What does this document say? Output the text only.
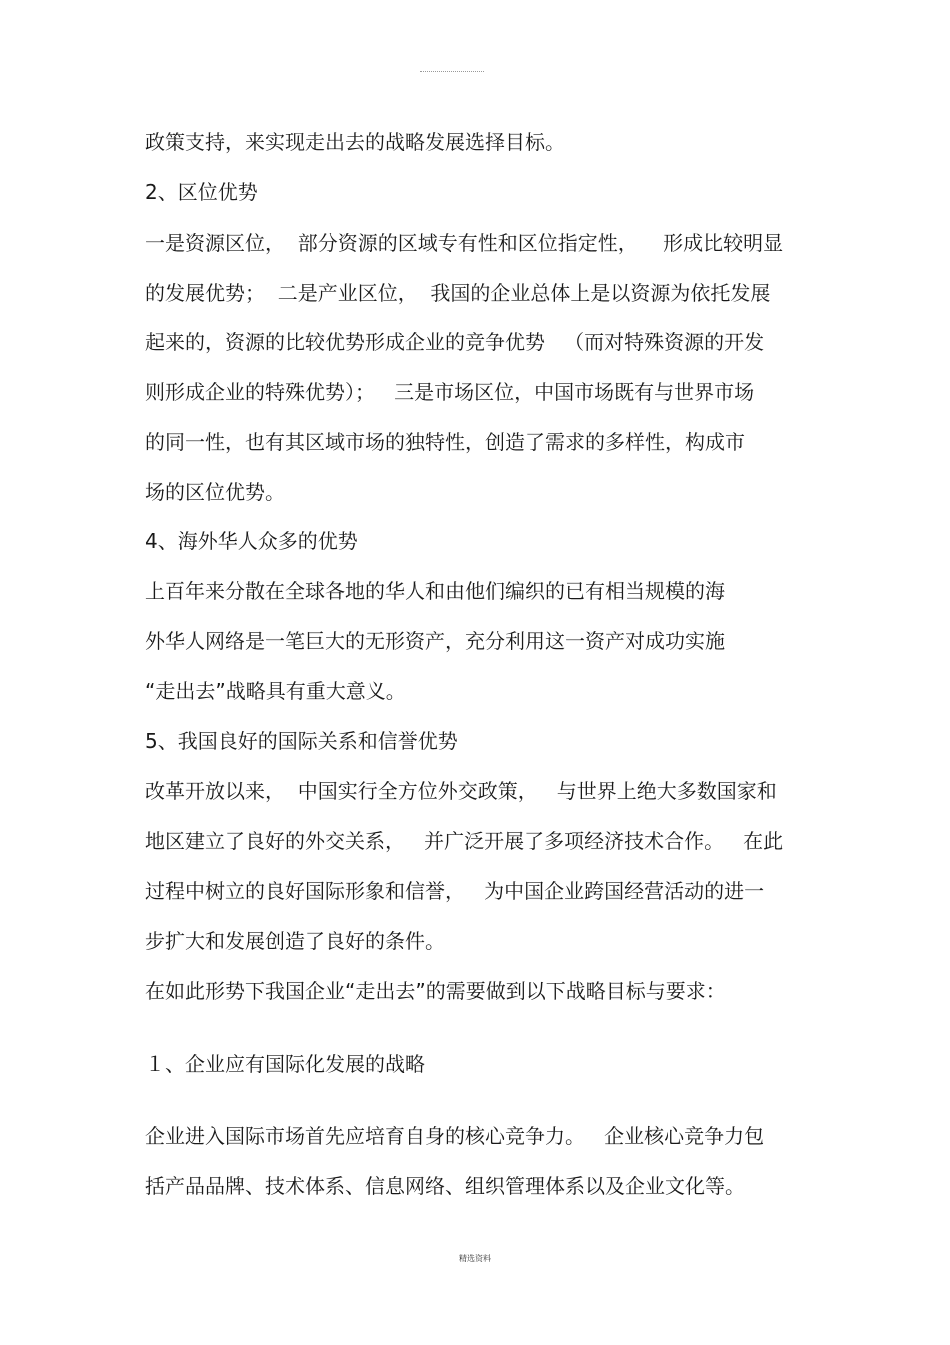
政策支持，来实现走出去的战略发展选择目标。
2、区位优势
一是资源区位，  部分资源的区域专有性和区位指定性，    形成比较明显
的发展优势；  二是产业区位，  我国的企业总体上是以资源为依托发展
起来的，资源的比较优势形成企业的竞争优势   （而对特殊资源的开发
则形成企业的特殊优势）；   三是市场区位，中国市场既有与世界市场
的同一性，也有其区域市场的独特性，创造了需求的多样性，构成市
场的区位优势。
4、海外华人众多的优势
上百年来分散在全球各地的华人和由他们编织的已有相当规模的海
外华人网络是一笔巨大的无形资产，充分利用这一资产对成功实施
“走出去”战略具有重大意义。
5、我国良好的国际关系和信誉优势
改革开放以来，  中国实行全方位外交政策，   与世界上绝大多数国家和
地区建立了良好的外交关系，   并广泛开展了多项经济技术合作。   在此
过程中树立的良好国际形象和信誉，   为中国企业跨国经营活动的进一
步扩大和发展创造了良好的条件。
在如此形势下我国企业“走出去”的需要做到以下战略目标与要求：
１、企业应有国际化发展的战略
企业进入国际市场首先应培育自身的核心竞争力。   企业核心竞争力包
括产品品牌、技术体系、信息网络、组织管理体系以及企业文化等。
精选资料
